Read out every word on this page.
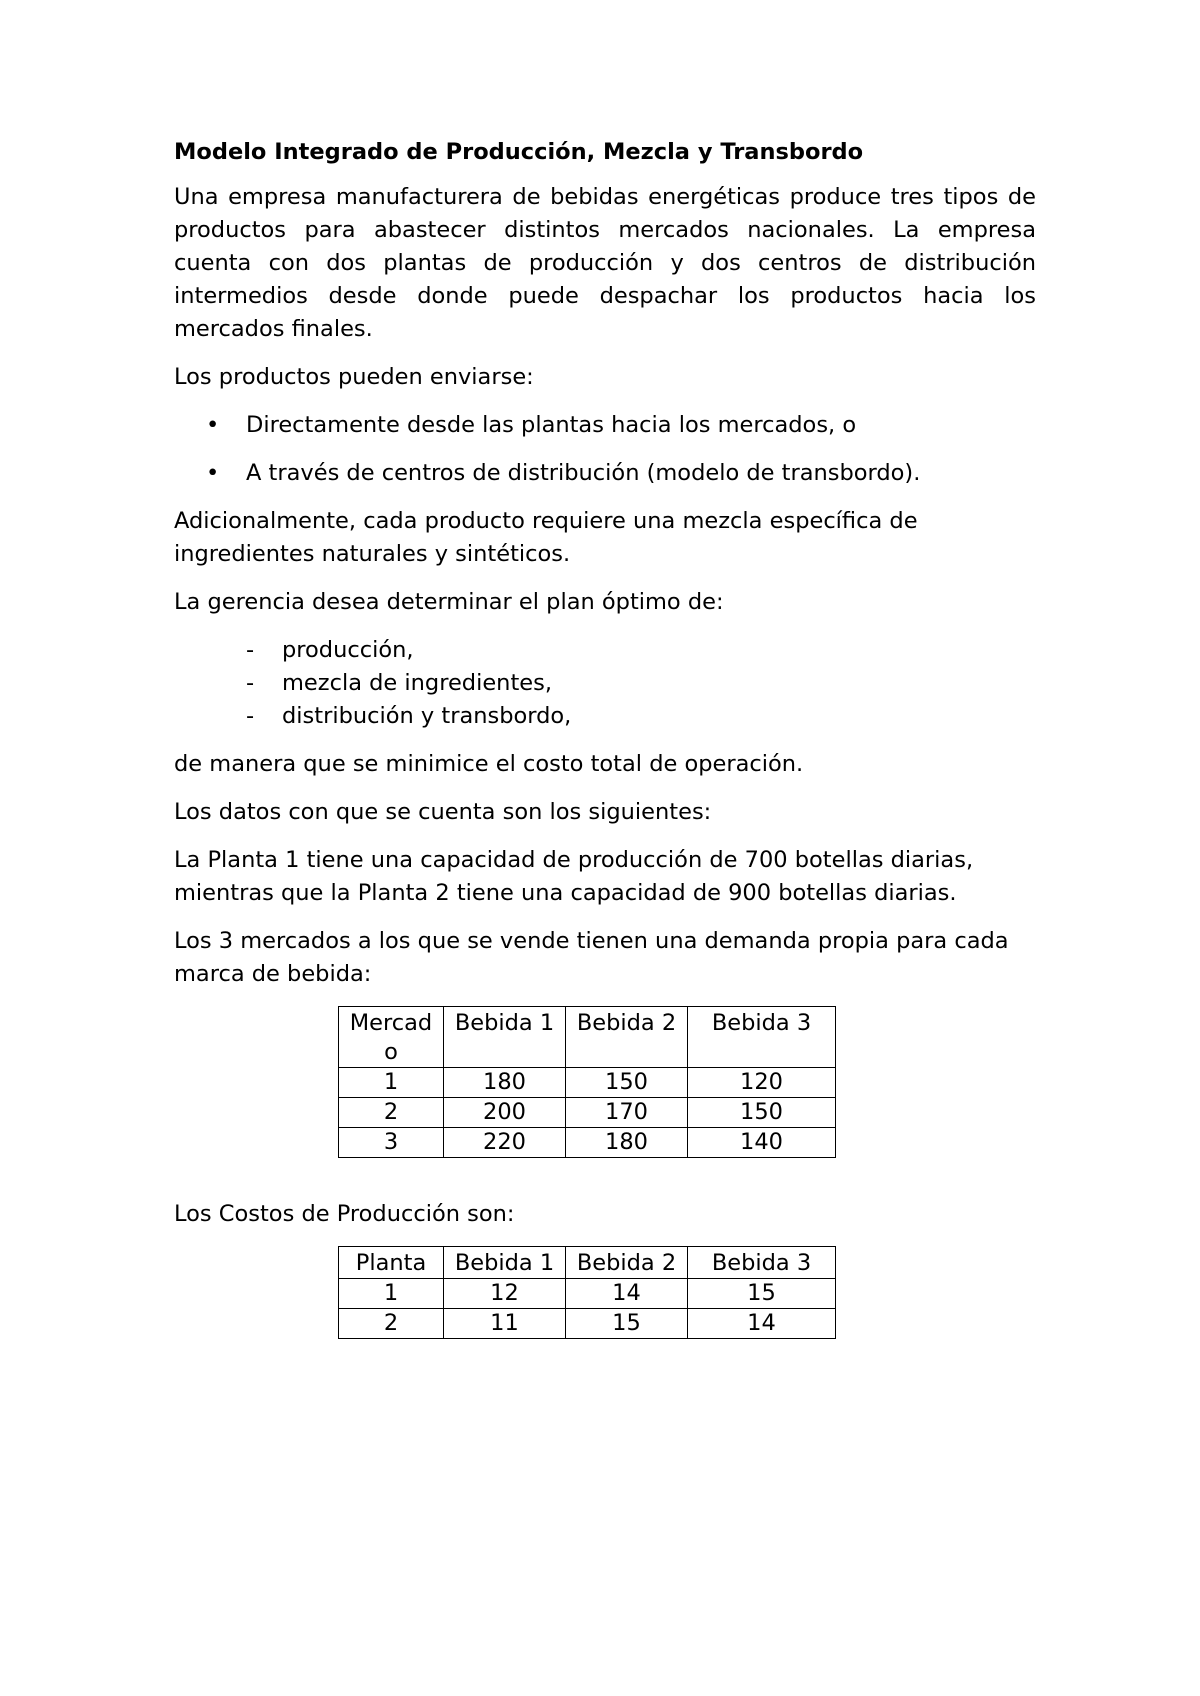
Modelo Integrado de Producción, Mezcla y Transbordo

Una empresa manufacturera de bebidas energéticas produce tres tipos de productos para abastecer distintos mercados nacionales. La empresa cuenta con dos plantas de producción y dos centros de distribución intermedios desde donde puede despachar los productos hacia los mercados finales.

Los productos pueden enviarse:

• Directamente desde las plantas hacia los mercados, o
• A través de centros de distribución (modelo de transbordo).

Adicionalmente, cada producto requiere una mezcla específica de ingredientes naturales y sintéticos.

La gerencia desea determinar el plan óptimo de:

- producción,
- mezcla de ingredientes,
- distribución y transbordo,

de manera que se minimice el costo total de operación.

Los datos con que se cuenta son los siguientes:

La Planta 1 tiene una capacidad de producción de 700 botellas diarias, mientras que la Planta 2 tiene una capacidad de 900 botellas diarias.

Los 3 mercados a los que se vende tienen una demanda propia para cada marca de bebida:

Mercado	Bebida 1	Bebida 2	Bebida 3
1	180	150	120
2	200	170	150
3	220	180	140

Los Costos de Producción son:

Planta	Bebida 1	Bebida 2	Bebida 3
1	12	14	15
2	11	15	14
